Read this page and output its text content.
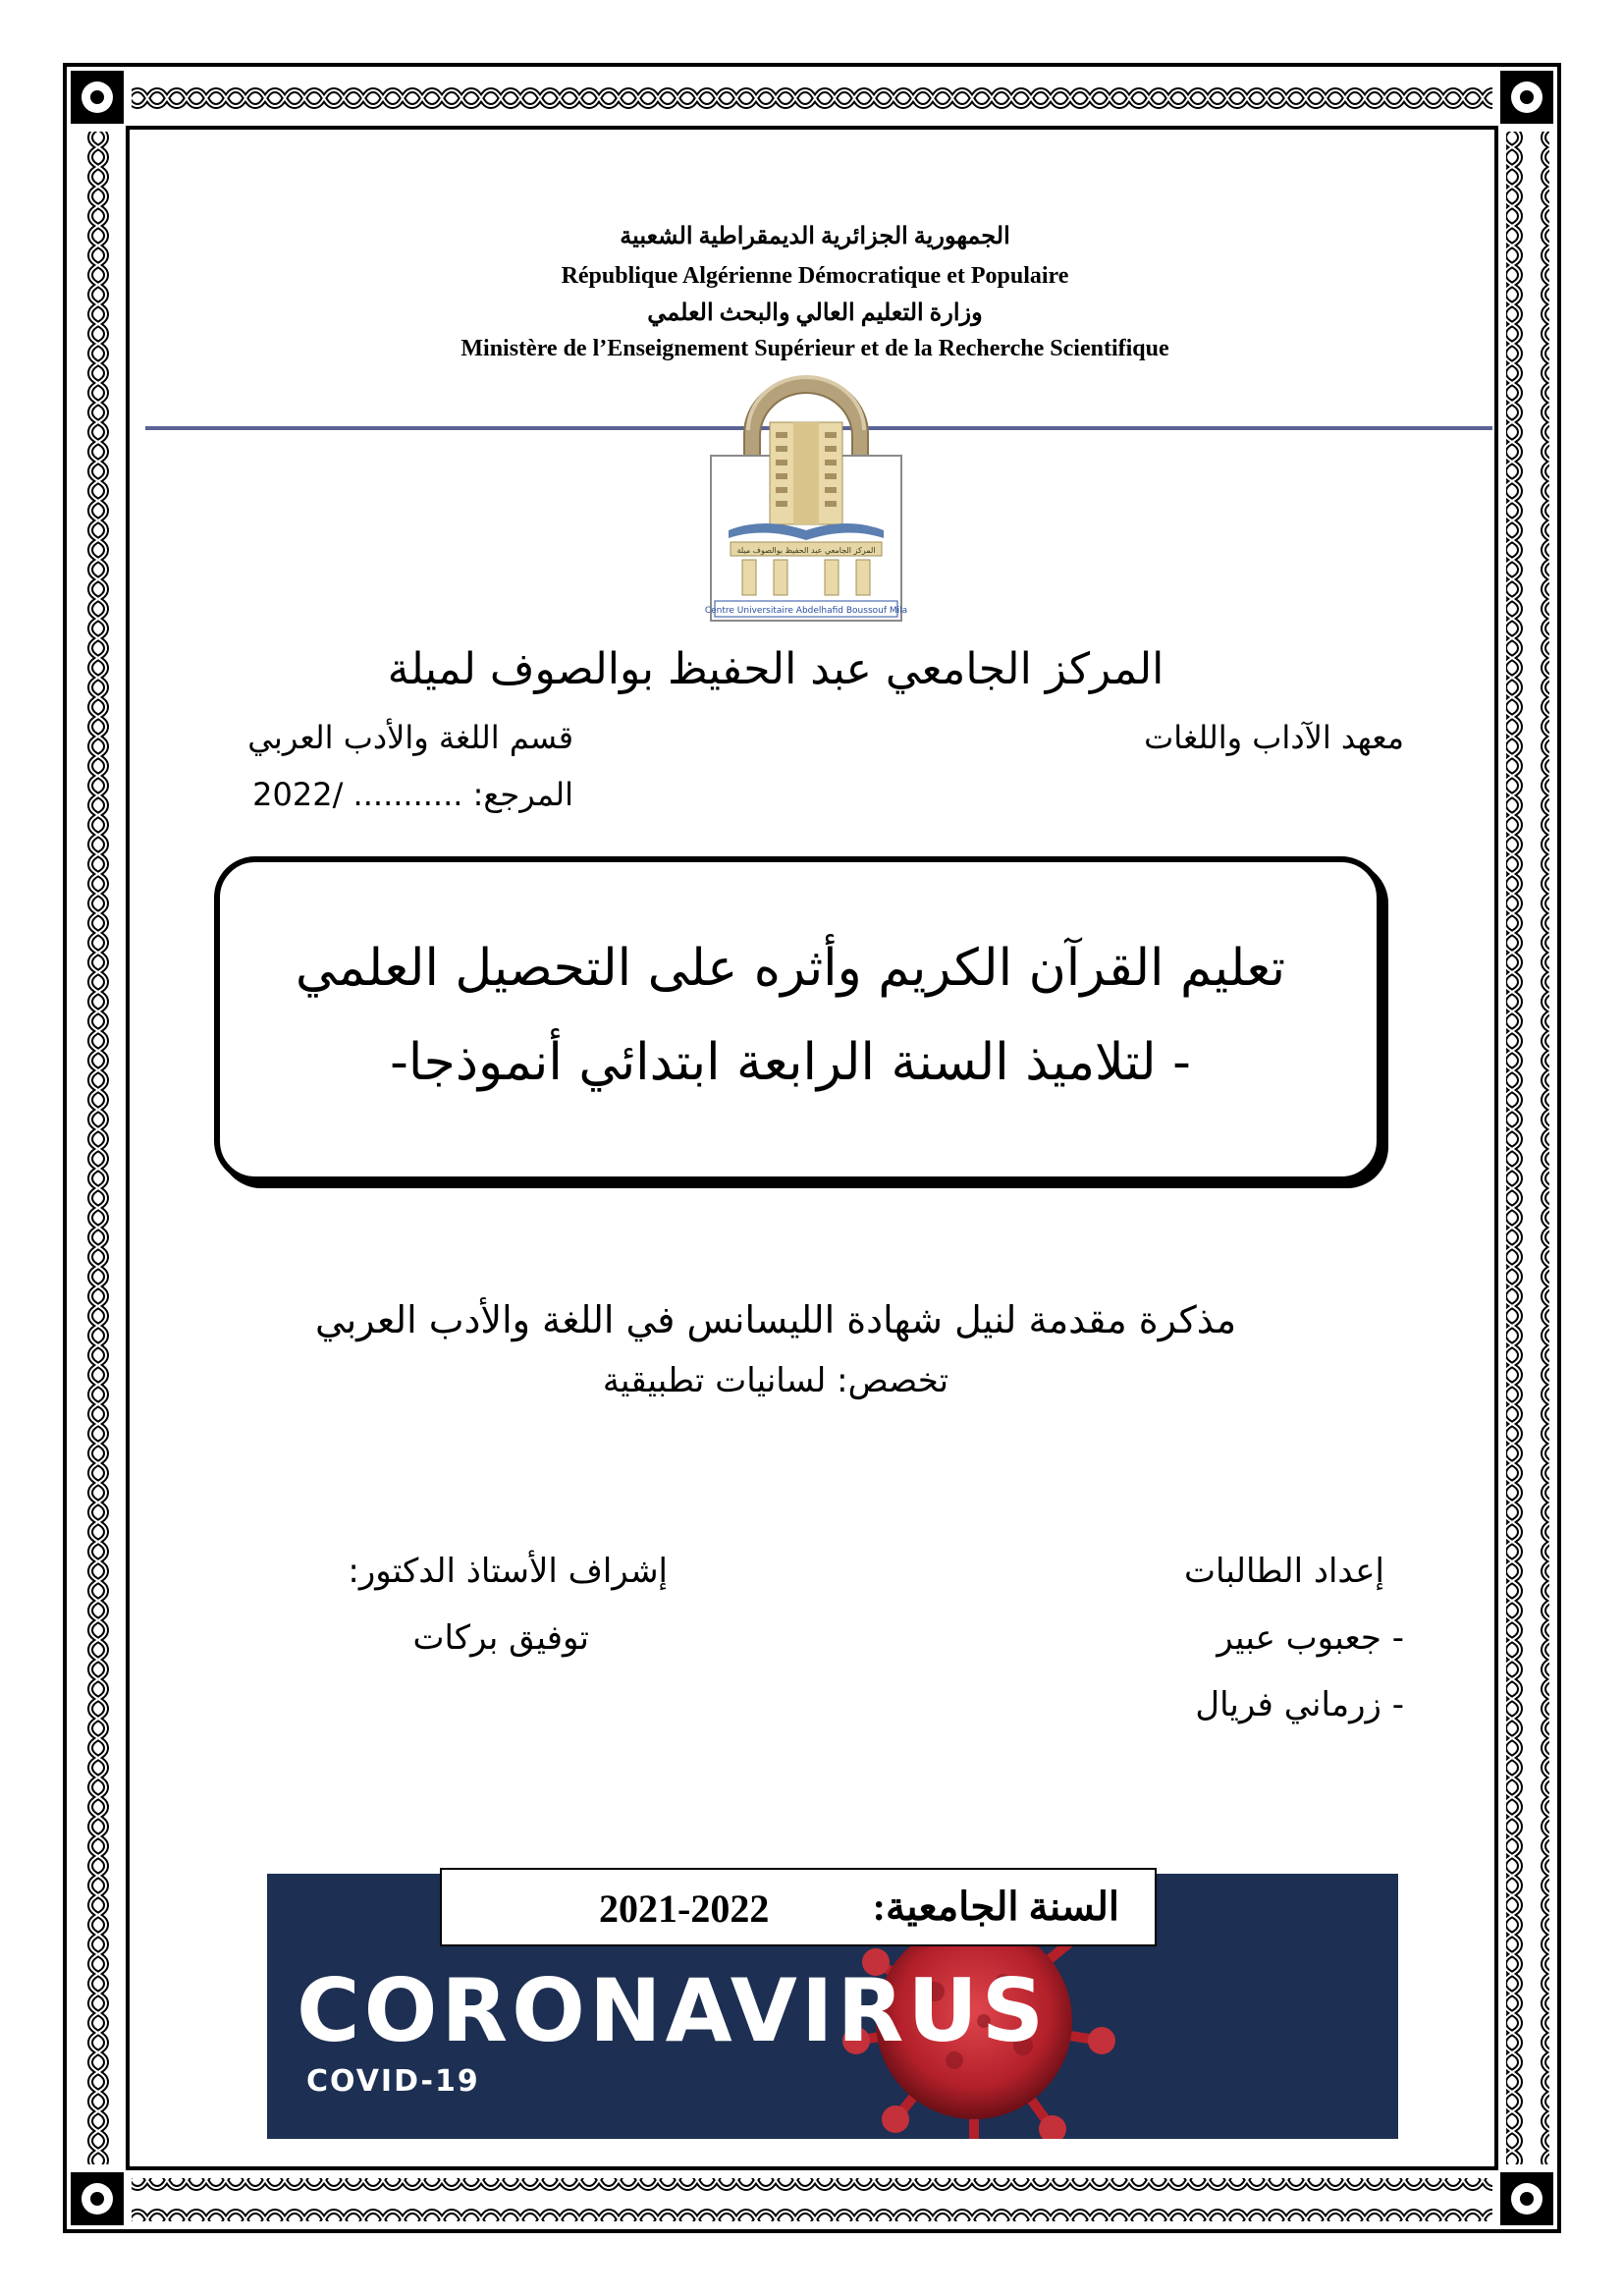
الجمهورية الجزائرية الديمقراطية الشعبية
République Algérienne Démocratique et Populaire
وزارة التعليم العالي والبحث العلمي
Ministère de l’Enseignement Supérieur et de la Recherche Scientifique
المركز الجامعي عبد الحفيظ بوالصوف ميلة
Centre Universitaire Abdelhafid Boussouf Mila
المركز الجامعي عبد الحفيظ بوالصوف لميلة
معهد الآداب واللغات
قسم اللغة والأدب العربي
المرجع: ........... /2022
تعليم القرآن الكريم وأثره على التحصيل العلمي
- لتلاميذ السنة الرابعة ابتدائي أنموذجا-
مذكرة مقدمة لنيل شهادة الليسانس في اللغة والأدب العربي
تخصص: لسانيات تطبيقية
إعداد الطالبات
- جعبوب عبير
- زرماني فريال
إشراف الأستاذ الدكتور:
توفيق بركات
CORONAVIRUS
COVID-19
2021-2022	السنة الجامعية:
